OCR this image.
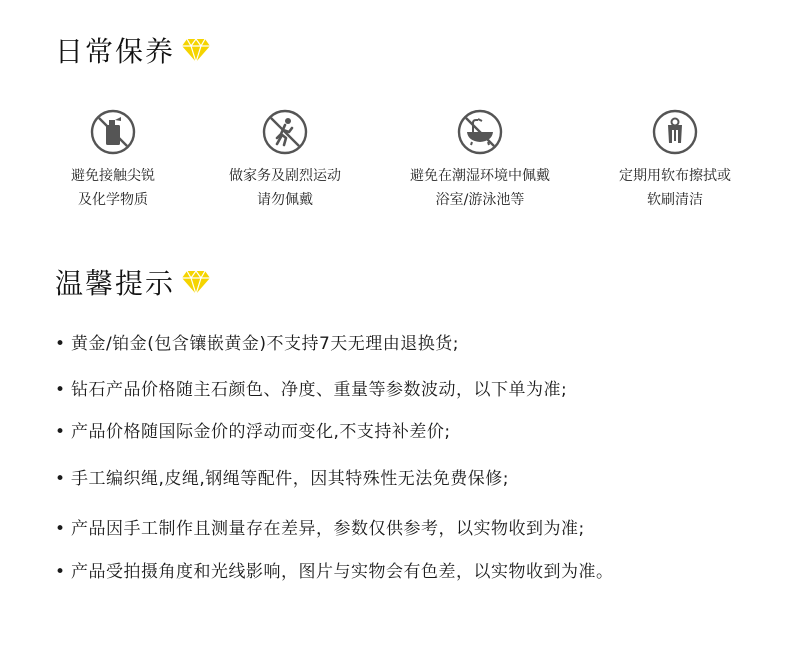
日常保养
避免接触尖锐
及化学物质
做家务及剧烈运动
请勿佩戴
避免在潮湿环境中佩戴
浴室/游泳池等
定期用软布擦拭或
软刷清洁
温馨提示
• 黄金/铂金(包含镶嵌黄金)不支持7天无理由退换货;
• 钻石产品价格随主石颜色、净度、重量等参数波动，以下单为准;
• 产品价格随国际金价的浮动而变化,不支持补差价;
• 手工编织绳,皮绳,钢绳等配件，因其特殊性无法免费保修;
• 产品因手工制作且测量存在差异，参数仅供参考，以实物收到为准;
• 产品受拍摄角度和光线影响，图片与实物会有色差，以实物收到为准。
